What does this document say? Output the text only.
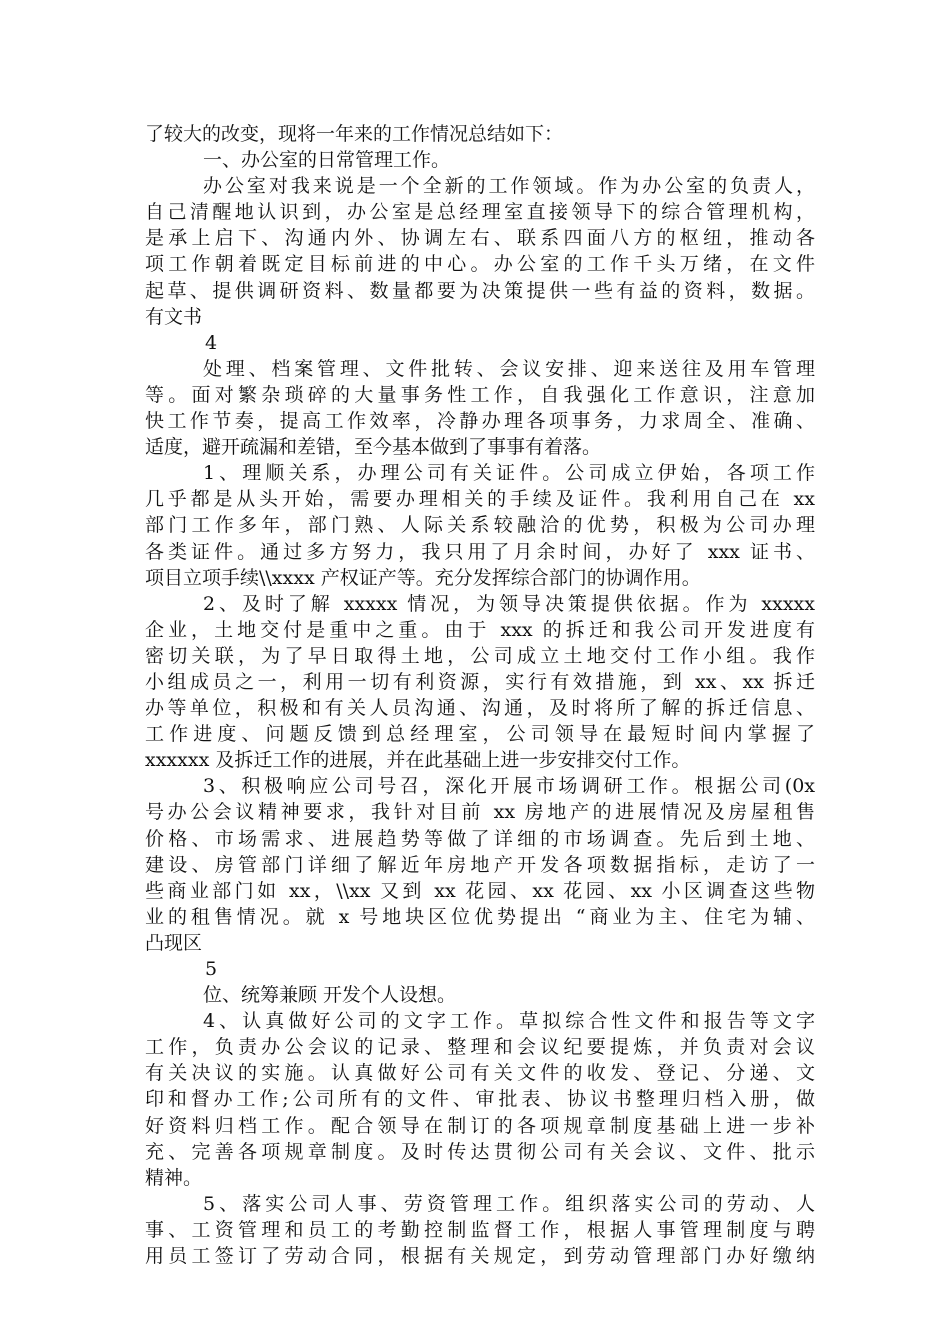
了较大的改变，现将一年来的工作情况总结如下：
一、办公室的日常管理工作。
办公室对我来说是一个全新的工作领域。作为办公室的负责人，
自己清醒地认识到，办公室是总经理室直接领导下的综合管理机构，
是承上启下、沟通内外、协调左右、联系四面八方的枢纽，推动各
项工作朝着既定目标前进的中心。办公室的工作千头万绪，在文件
起草、提供调研资料、数量都要为决策提供一些有益的资料，数据。
有文书
4
处理、档案管理、文件批转、会议安排、迎来送往及用车管理
等。面对繁杂琐碎的大量事务性工作，自我强化工作意识，注意加
快工作节奏，提高工作效率，冷静办理各项事务，力求周全、准确、
适度，避开疏漏和差错，至今基本做到了事事有着落。
1、理顺关系，办理公司有关证件。公司成立伊始，各项工作
几乎都是从头开始，需要办理相关的手续及证件。我利用自己在 xx
部门工作多年，部门熟、人际关系较融洽的优势，积极为公司办理
各类证件。通过多方努力，我只用了月余时间，办好了 xxx 证书、
项目立项手续\\xxxx 产权证产等。充分发挥综合部门的协调作用。
2、及时了解 xxxxx 情况，为领导决策提供依据。作为 xxxxx
企业，土地交付是重中之重。由于 xxx 的拆迁和我公司开发进度有
密切关联，为了早日取得土地，公司成立土地交付工作小组。我作
小组成员之一，利用一切有利资源，实行有效措施，到 xx、xx 拆迁
办等单位，积极和有关人员沟通、沟通，及时将所了解的拆迁信息、
工作进度、问题反馈到总经理室，公司领导在最短时间内掌握了
xxxxxx 及拆迁工作的进展，并在此基础上进一步安排交付工作。
3、积极响应公司号召，深化开展市场调研工作。根据公司(0x
号办公会议精神要求，我针对目前 xx 房地产的进展情况及房屋租售
价格、市场需求、进展趋势等做了详细的市场调查。先后到土地、
建设、房管部门详细了解近年房地产开发各项数据指标，走访了一
些商业部门如 xx，\\xx 又到 xx 花园、xx 花园、xx 小区调查这些物
业的租售情况。就 x 号地块区位优势提出 “商业为主、住宅为辅、
凸现区
5
位、统筹兼顾 开发个人设想。
4、认真做好公司的文字工作。草拟综合性文件和报告等文字
工作，负责办公会议的记录、整理和会议纪要提炼，并负责对会议
有关决议的实施。认真做好公司有关文件的收发、登记、分递、文
印和督办工作;公司所有的文件、审批表、协议书整理归档入册，做
好资料归档工作。配合领导在制订的各项规章制度基础上进一步补
充、完善各项规章制度。及时传达贯彻公司有关会议、文件、批示
精神。
5、落实公司人事、劳资管理工作。组织落实公司的劳动、人
事、工资管理和员工的考勤控制监督工作，根据人事管理制度与聘
用员工签订了劳动合同，根据有关规定，到劳动管理部门办好缴纳
